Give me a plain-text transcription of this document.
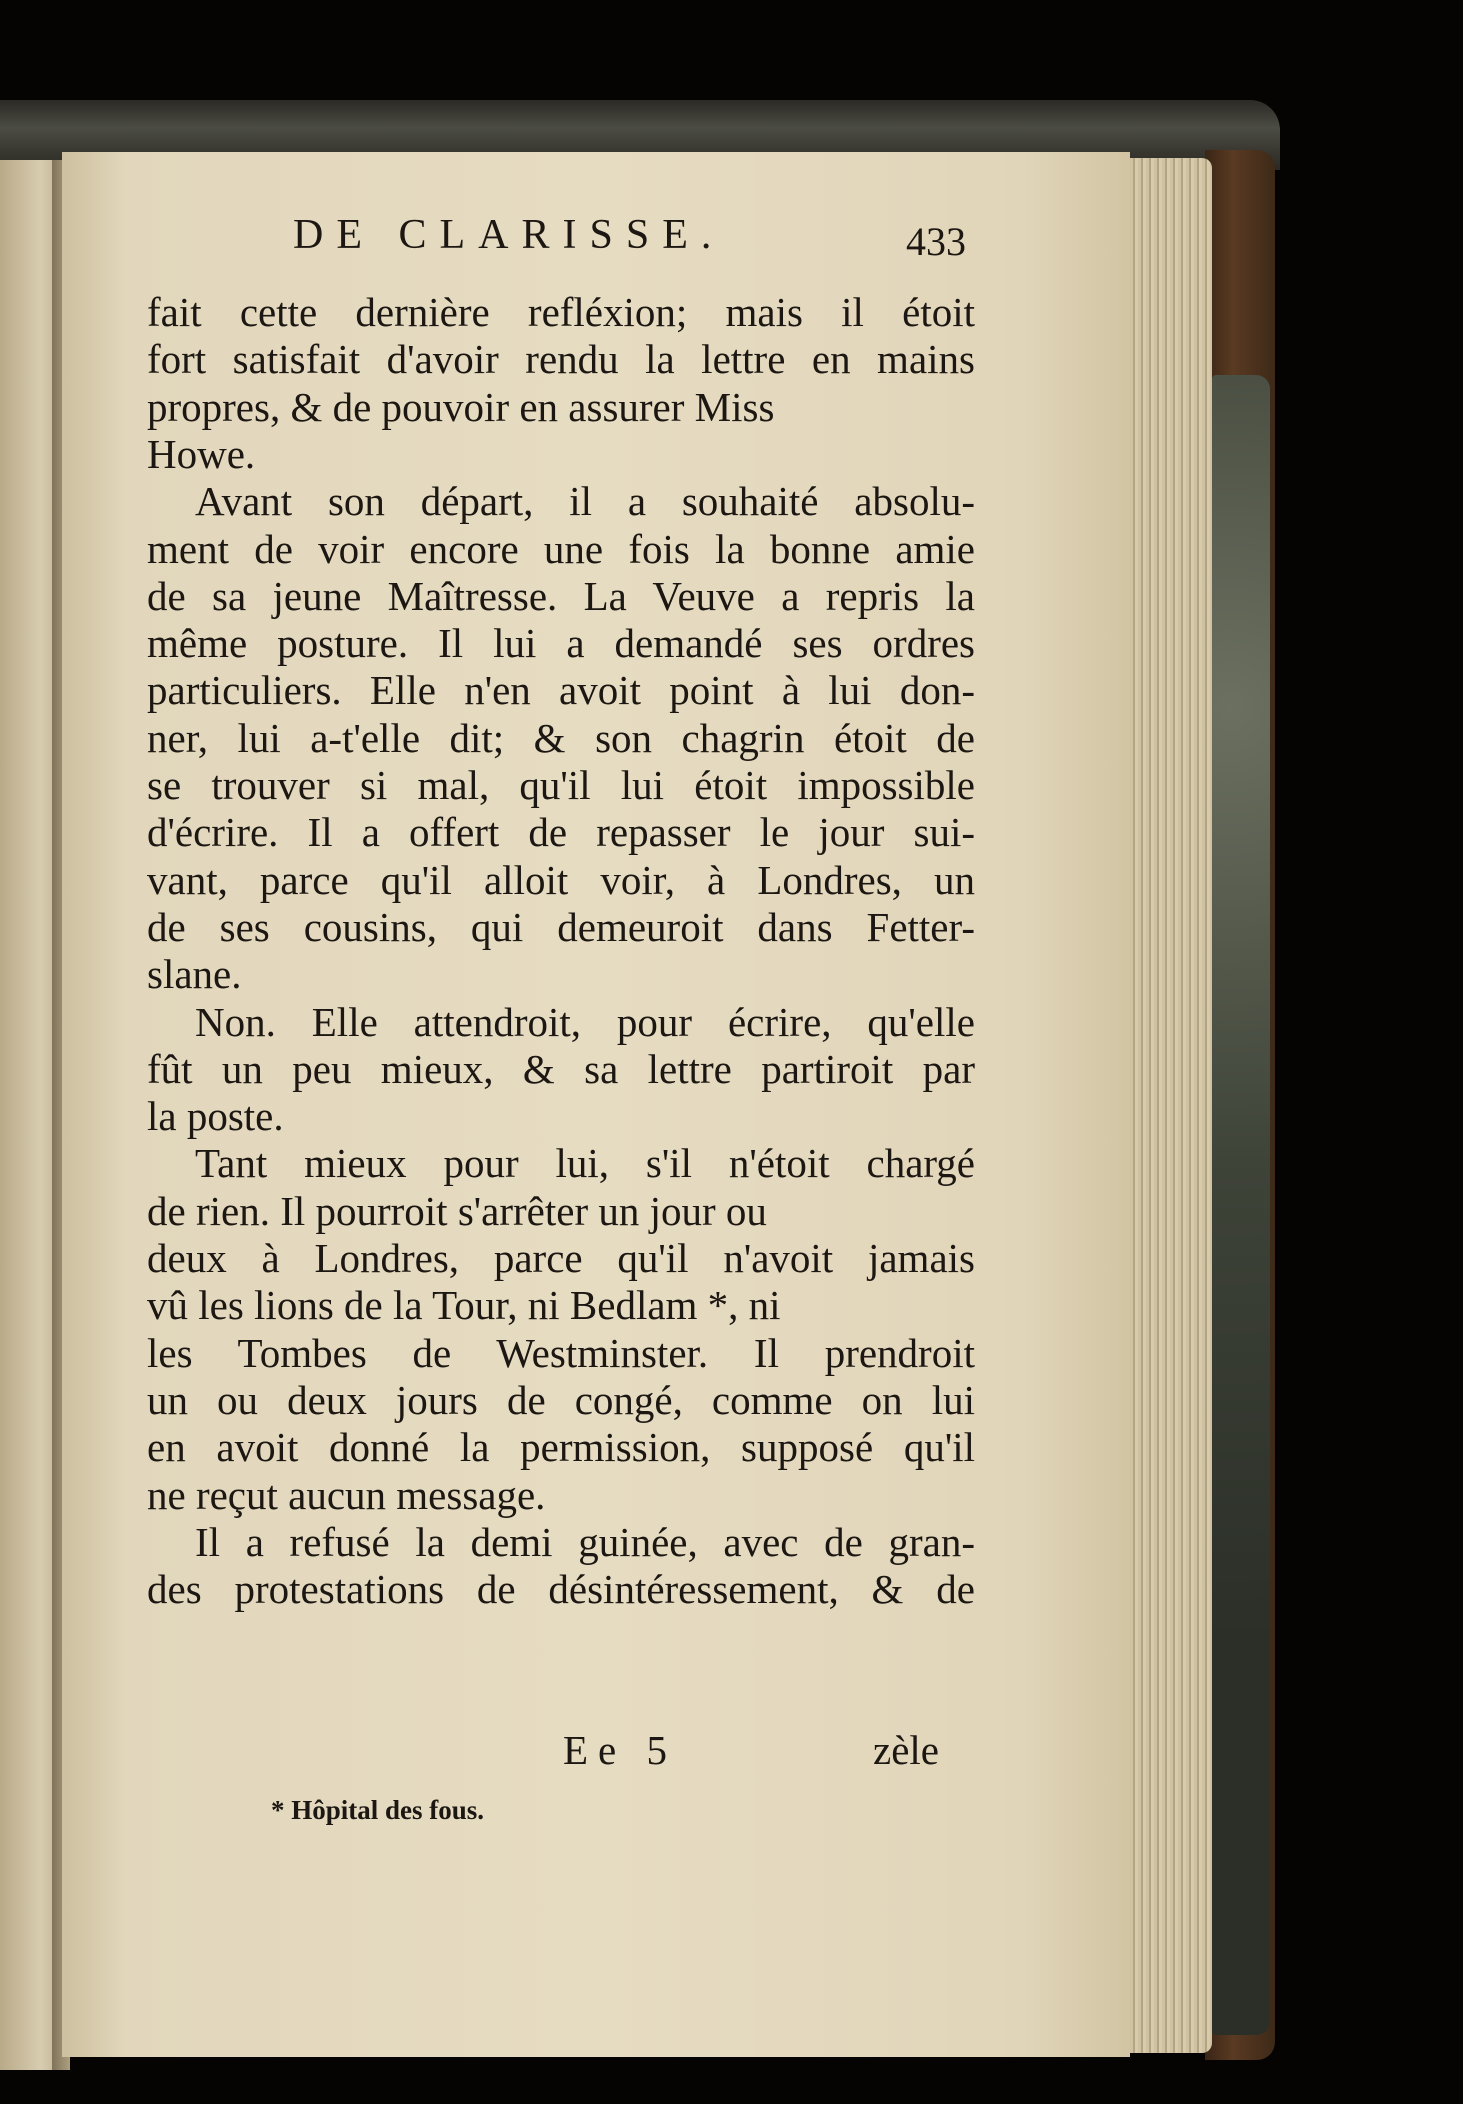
DE CLARISSE.	433
fait cette dernière refléxion; mais il étoit
fort satisfait d'avoir rendu la lettre en mains
propres, & de pouvoir en assurer Miss
Howe.
Avant son départ, il a souhaité absolu-
ment de voir encore une fois la bonne amie
de sa jeune Maîtresse. La Veuve a repris la
même posture. Il lui a demandé ses ordres
particuliers. Elle n'en avoit point à lui don-
ner, lui a-t'elle dit; & son chagrin étoit de
se trouver si mal, qu'il lui étoit impossible
d'écrire. Il a offert de repasser le jour sui-
vant, parce qu'il alloit voir, à Londres, un
de ses cousins, qui demeuroit dans Fetter-
slane.
Non. Elle attendroit, pour écrire, qu'elle
fût un peu mieux, & sa lettre partiroit par
la poste.
Tant mieux pour lui, s'il n'étoit chargé
de rien. Il pourroit s'arrêter un jour ou
deux à Londres, parce qu'il n'avoit jamais
vû les lions de la Tour, ni Bedlam *, ni
les Tombes de Westminster. Il prendroit
un ou deux jours de congé, comme on lui
en avoit donné la permission, supposé qu'il
ne reçut aucun message.
Il a refusé la demi guinée, avec de gran-
des protestations de désintéressement, & de
Ee 5	zèle
* Hôpital des fous.
